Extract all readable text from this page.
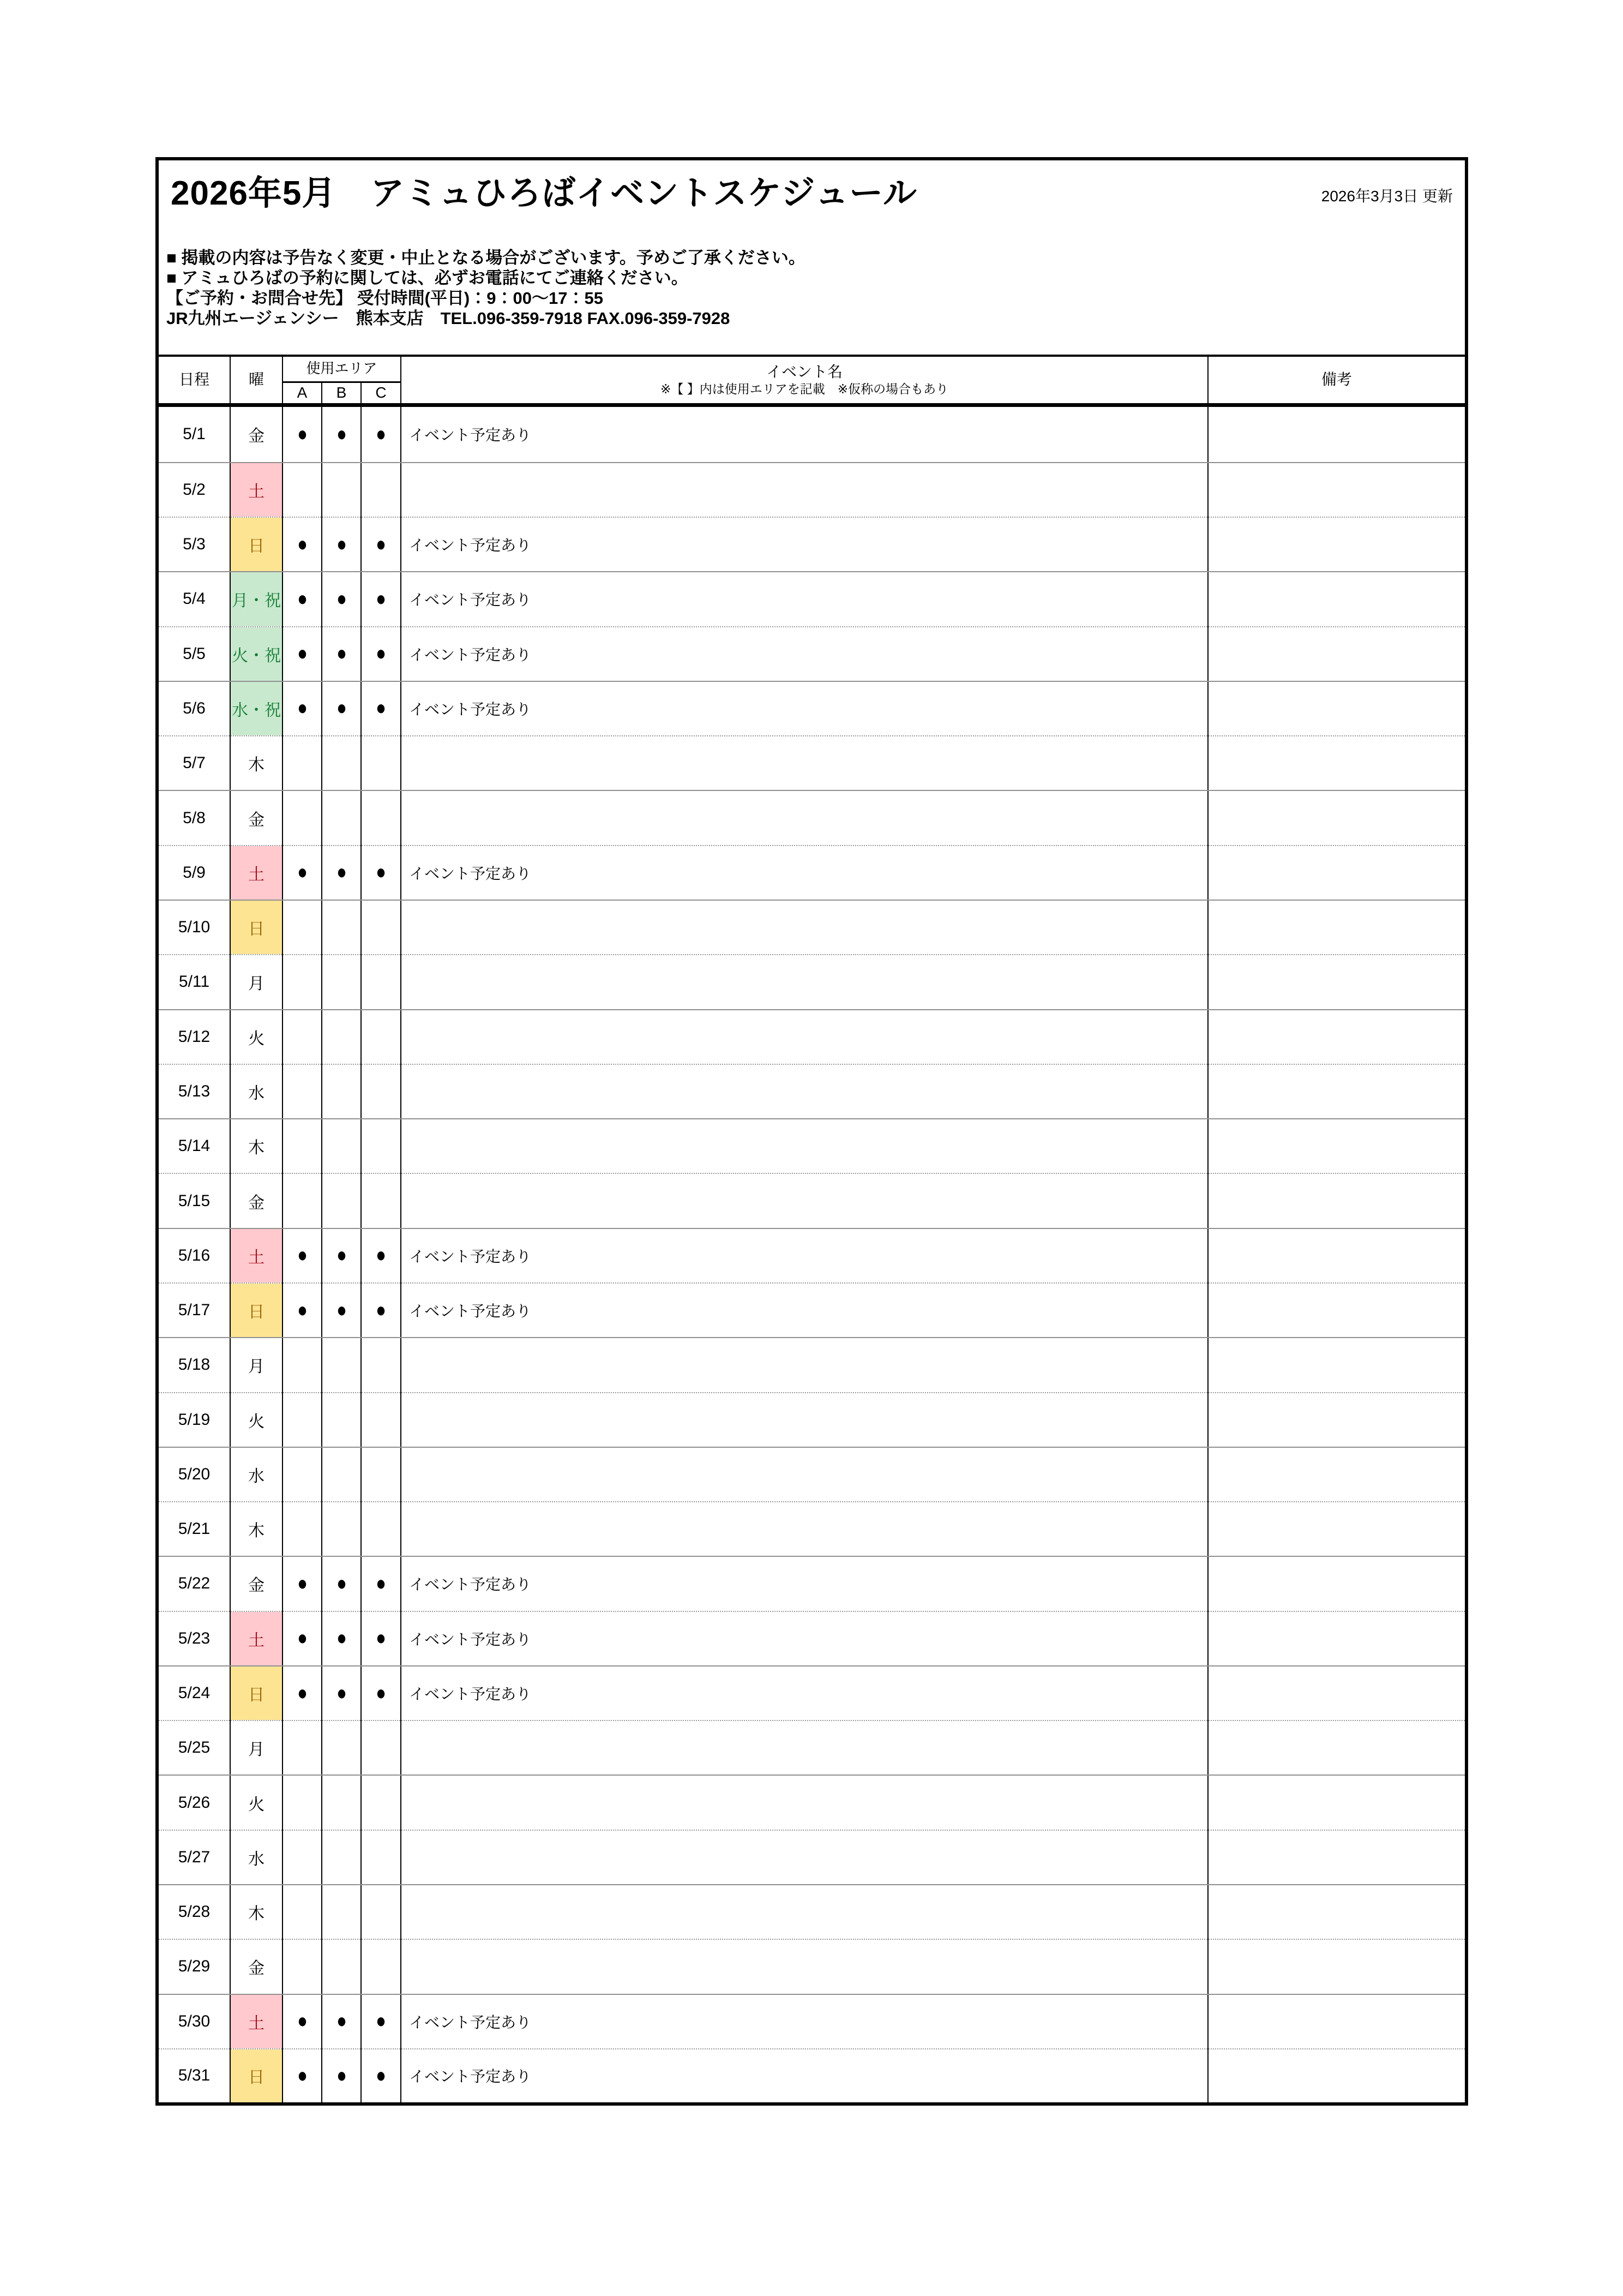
2026年5月　アミュひろばイベントスケジュール	2026年3月3日 更新
■ 掲載の内容は予告なく変更・中止となる場合がございます。予めご了承ください。
■ アミュひろばの予約に関しては、必ずお電話にてご連絡ください。
【ご予約・お問合せ先】 受付時間(平日)：9：00～17：55
JR九州エージェンシー　熊本支店　TEL.096-359-7918 FAX.096-359-7928
日程	曜	使用エリア			イベント名
※【 】内は使用エリアを記載　※仮称の場合もあり	備考
		A	B	C		
5/1	金	●	●	●	イベント予定あり	
5/2	土					
5/3	日	●	●	●	イベント予定あり	
5/4	月・祝	●	●	●	イベント予定あり	
5/5	火・祝	●	●	●	イベント予定あり	
5/6	水・祝	●	●	●	イベント予定あり	
5/7	木					
5/8	金					
5/9	土	●	●	●	イベント予定あり	
5/10	日					
5/11	月					
5/12	火					
5/13	水					
5/14	木					
5/15	金					
5/16	土	●	●	●	イベント予定あり	
5/17	日	●	●	●	イベント予定あり	
5/18	月					
5/19	火					
5/20	水					
5/21	木					
5/22	金	●	●	●	イベント予定あり	
5/23	土	●	●	●	イベント予定あり	
5/24	日	●	●	●	イベント予定あり	
5/25	月					
5/26	火					
5/27	水					
5/28	木					
5/29	金					
5/30	土	●	●	●	イベント予定あり	
5/31	日	●	●	●	イベント予定あり	
